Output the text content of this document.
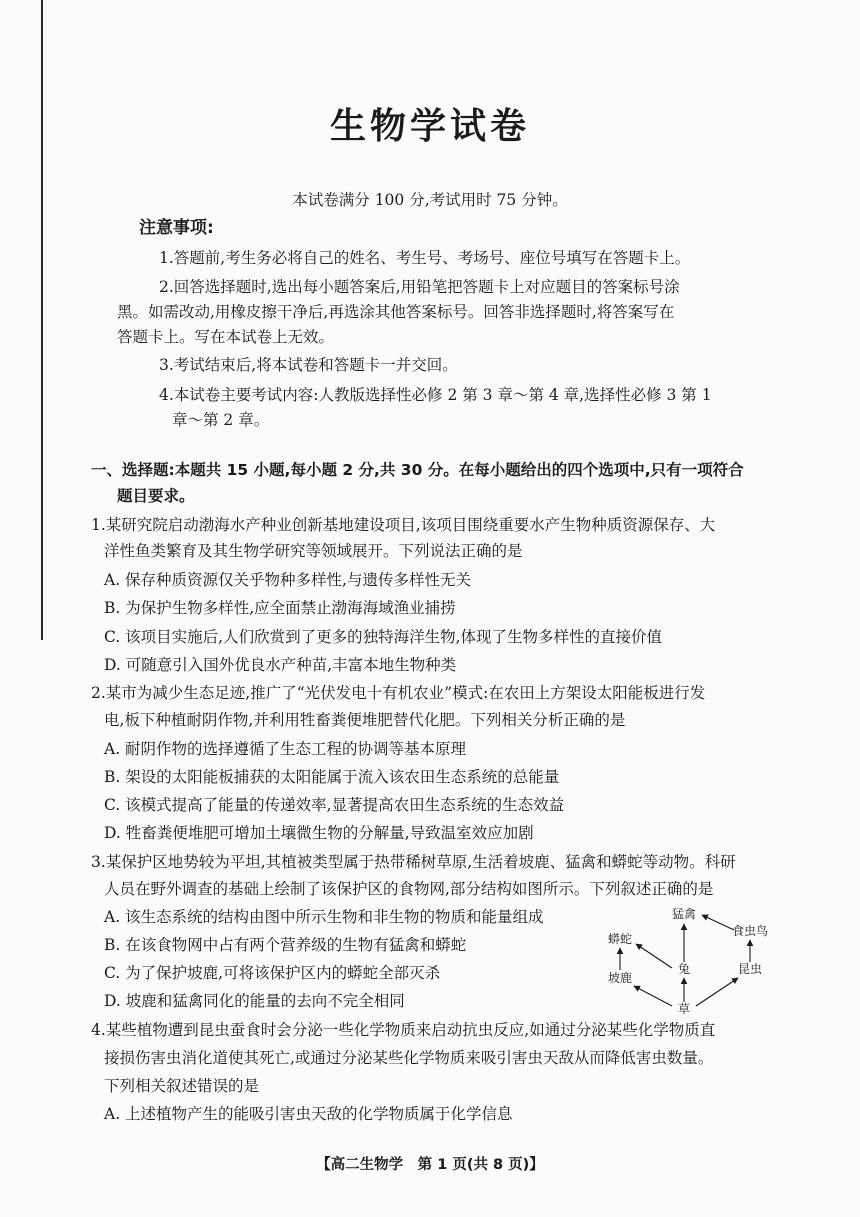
生物学试卷
本试卷满分 100 分,考试用时 75 分钟。
注意事项:
1.答题前,考生务必将自己的姓名、考生号、考场号、座位号填写在答题卡上。
2.回答选择题时,选出每小题答案后,用铅笔把答题卡上对应题目的答案标号涂
黑。如需改动,用橡皮擦干净后,再选涂其他答案标号。回答非选择题时,将答案写在
答题卡上。写在本试卷上无效。
3.考试结束后,将本试卷和答题卡一并交回。
4.本试卷主要考试内容:人教版选择性必修 2 第 3 章～第 4 章,选择性必修 3 第 1
章～第 2 章。
一、选择题:本题共 15 小题,每小题 2 分,共 30 分。在每小题给出的四个选项中,只有一项符合
题目要求。
1.某研究院启动渤海水产种业创新基地建设项目,该项目围绕重要水产生物种质资源保存、大
洋性鱼类繁育及其生物学研究等领域展开。下列说法正确的是
A. 保存种质资源仅关乎物种多样性,与遗传多样性无关
B. 为保护生物多样性,应全面禁止渤海海域渔业捕捞
C. 该项目实施后,人们欣赏到了更多的独特海洋生物,体现了生物多样性的直接价值
D. 可随意引入国外优良水产种苗,丰富本地生物种类
2.某市为减少生态足迹,推广了“光伏发电十有机农业”模式:在农田上方架设太阳能板进行发
电,板下种植耐阴作物,并利用牲畜粪便堆肥替代化肥。下列相关分析正确的是
A. 耐阴作物的选择遵循了生态工程的协调等基本原理
B. 架设的太阳能板捕获的太阳能属于流入该农田生态系统的总能量
C. 该模式提高了能量的传递效率,显著提高农田生态系统的生态效益
D. 牲畜粪便堆肥可增加土壤微生物的分解量,导致温室效应加剧
3.某保护区地势较为平坦,其植被类型属于热带稀树草原,生活着坡鹿、猛禽和蟒蛇等动物。科研
人员在野外调查的基础上绘制了该保护区的食物网,部分结构如图所示。下列叙述正确的是
A. 该生态系统的结构由图中所示生物和非生物的物质和能量组成
B. 在该食物网中占有两个营养级的生物有猛禽和蟒蛇
C. 为了保护坡鹿,可将该保护区内的蟒蛇全部灭杀
D. 坡鹿和猛禽同化的能量的去向不完全相同
猛禽
食虫鸟
蟒蛇
兔	昆虫
坡鹿
草
4.某些植物遭到昆虫蚕食时会分泌一些化学物质来启动抗虫反应,如通过分泌某些化学物质直
接损伤害虫消化道使其死亡,或通过分泌某些化学物质来吸引害虫天敌从而降低害虫数量。
下列相关叙述错误的是
A. 上述植物产生的能吸引害虫天敌的化学物质属于化学信息
【高二生物学　第 1 页(共 8 页)】
